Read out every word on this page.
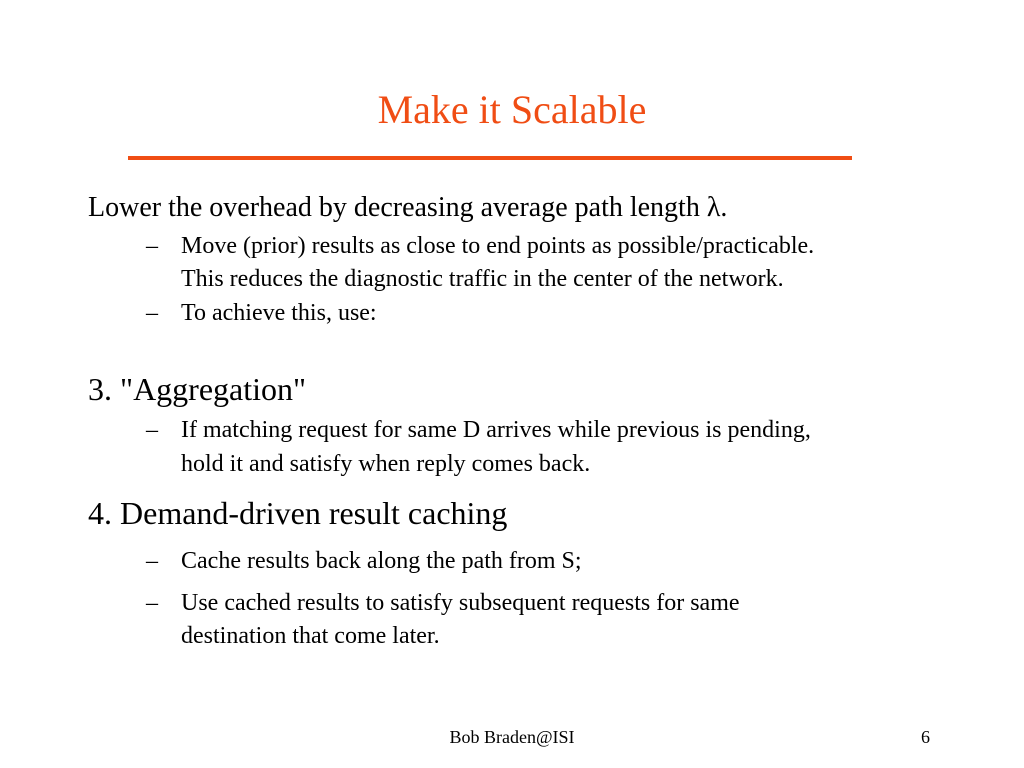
Make it Scalable
Lower the overhead by decreasing average path length λ.
– Move (prior) results as close to end points as possible/practicable.
This reduces the diagnostic traffic in the center of the network.
– To achieve this, use:
3. "Aggregation"
– If matching request for same D arrives while previous is pending,
hold it and satisfy when reply comes back.
4. Demand-driven result caching
– Cache results back along the path from S;
– Use cached results to satisfy subsequent requests for same
destination that come later.
Bob Braden@ISI	6
